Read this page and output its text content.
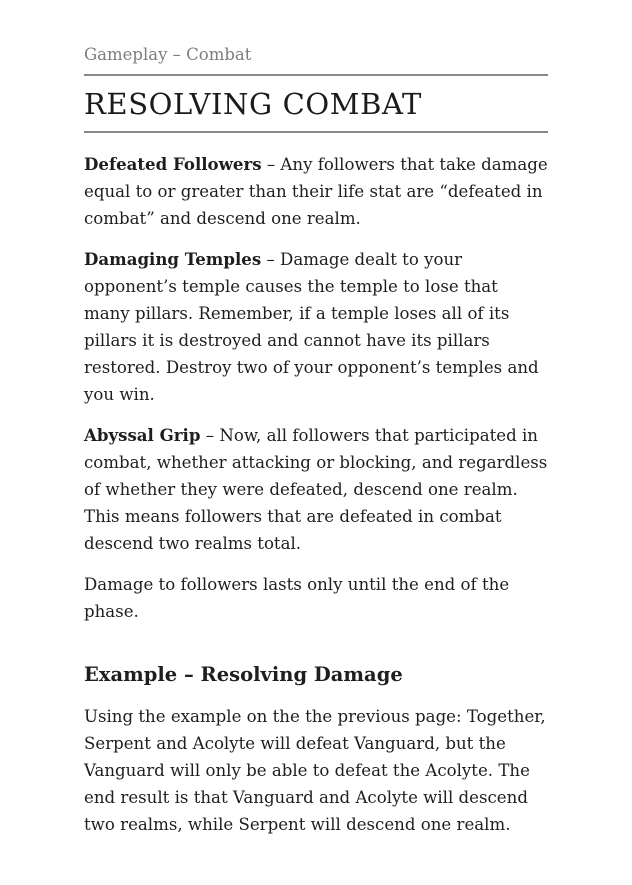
Gameplay – Combat
RESOLVING COMBAT

Defeated Followers – Any followers that take damage equal to or greater than their life stat are “defeated in combat” and descend one realm.

Damaging Temples – Damage dealt to your opponent’s temple causes the temple to lose that many pillars. Remember, if a temple loses all of its pillars it is destroyed and cannot have its pillars restored. Destroy two of your opponent’s temples and you win.

Abyssal Grip – Now, all followers that participated in combat, whether attacking or blocking, and regardless of whether they were defeated, descend one realm. This means followers that are defeated in combat descend two realms total.

Damage to followers lasts only until the end of the phase.

Example – Resolving Damage

Using the example on the the previous page: Together, Serpent and Acolyte will defeat Vanguard, but the Vanguard will only be able to defeat the Acolyte. The end result is that Vanguard and Acolyte will descend two realms, while Serpent will descend one realm.
